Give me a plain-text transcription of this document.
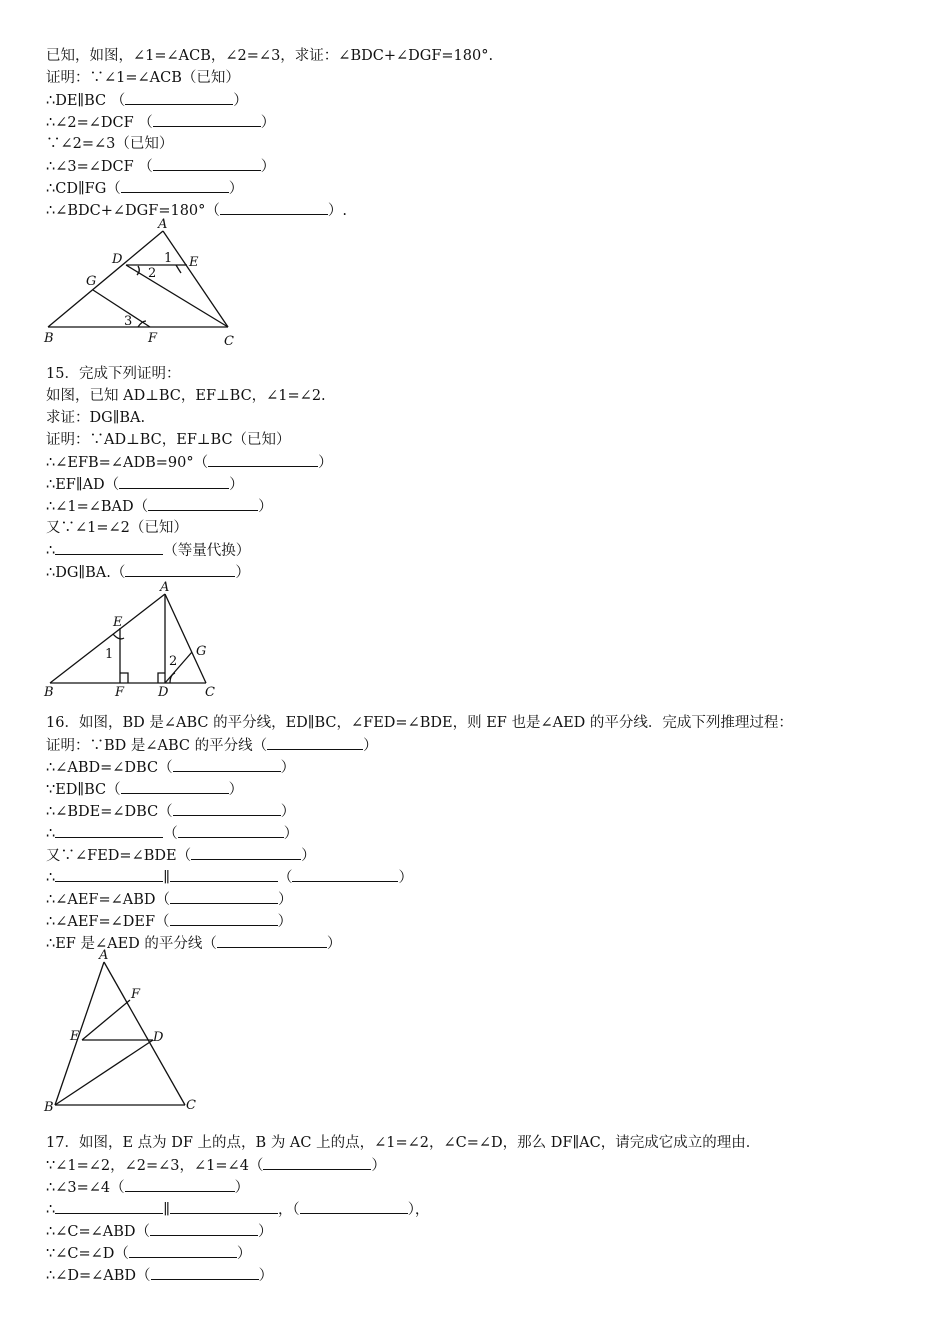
已知，如图，∠1=∠ACB，∠2=∠3，求证：∠BDC+∠DGF=180°.
证明：∵∠1=∠ACB（已知）
∴DE∥BC （	）
∴∠2=∠DCF （	）
∵∠2=∠3（已知）
∴∠3=∠DCF （	）
∴CD∥FG（	）
∴∠BDC+∠DGF=180°（	）.
A
B	C
D	E
F
G
1
2
3
15．完成下列证明：
如图，已知 AD⊥BC，EF⊥BC，∠1=∠2.
求证：DG∥BA.
证明：∵AD⊥BC，EF⊥BC（已知）
∴∠EFB=∠ADB=90°（	）
∴EF∥AD（	）
∴∠1=∠BAD（	）
又∵∠1=∠2（已知）
∴	（等量代换）
∴DG∥BA.（	）
A
B	C
D
E
F
G
1	2
16．如图，BD 是∠ABC 的平分线，ED∥BC，∠FED=∠BDE，则 EF 也是∠AED 的平分线．完成下列推理过程：
证明：∵BD 是∠ABC 的平分线（	）
∴∠ABD=∠DBC（	）
∵ED∥BC（	）
∴∠BDE=∠DBC（	）
∴	（	）
又∵∠FED=∠BDE（	）
∴	∥	（	）
∴∠AEF=∠ABD（	）
∴∠AEF=∠DEF（	）
∴EF 是∠AED 的平分线（	）
A
B	C
D
E
F
17．如图，E 点为 DF 上的点，B 为 AC 上的点，∠1=∠2，∠C=∠D，那么 DF∥AC，请完成它成立的理由．
∵∠1=∠2，∠2=∠3，∠1=∠4（	）
∴∠3=∠4（	）
∴	∥	，（	），
∴∠C=∠ABD（	）
∵∠C=∠D（	）
∴∠D=∠ABD（	）
